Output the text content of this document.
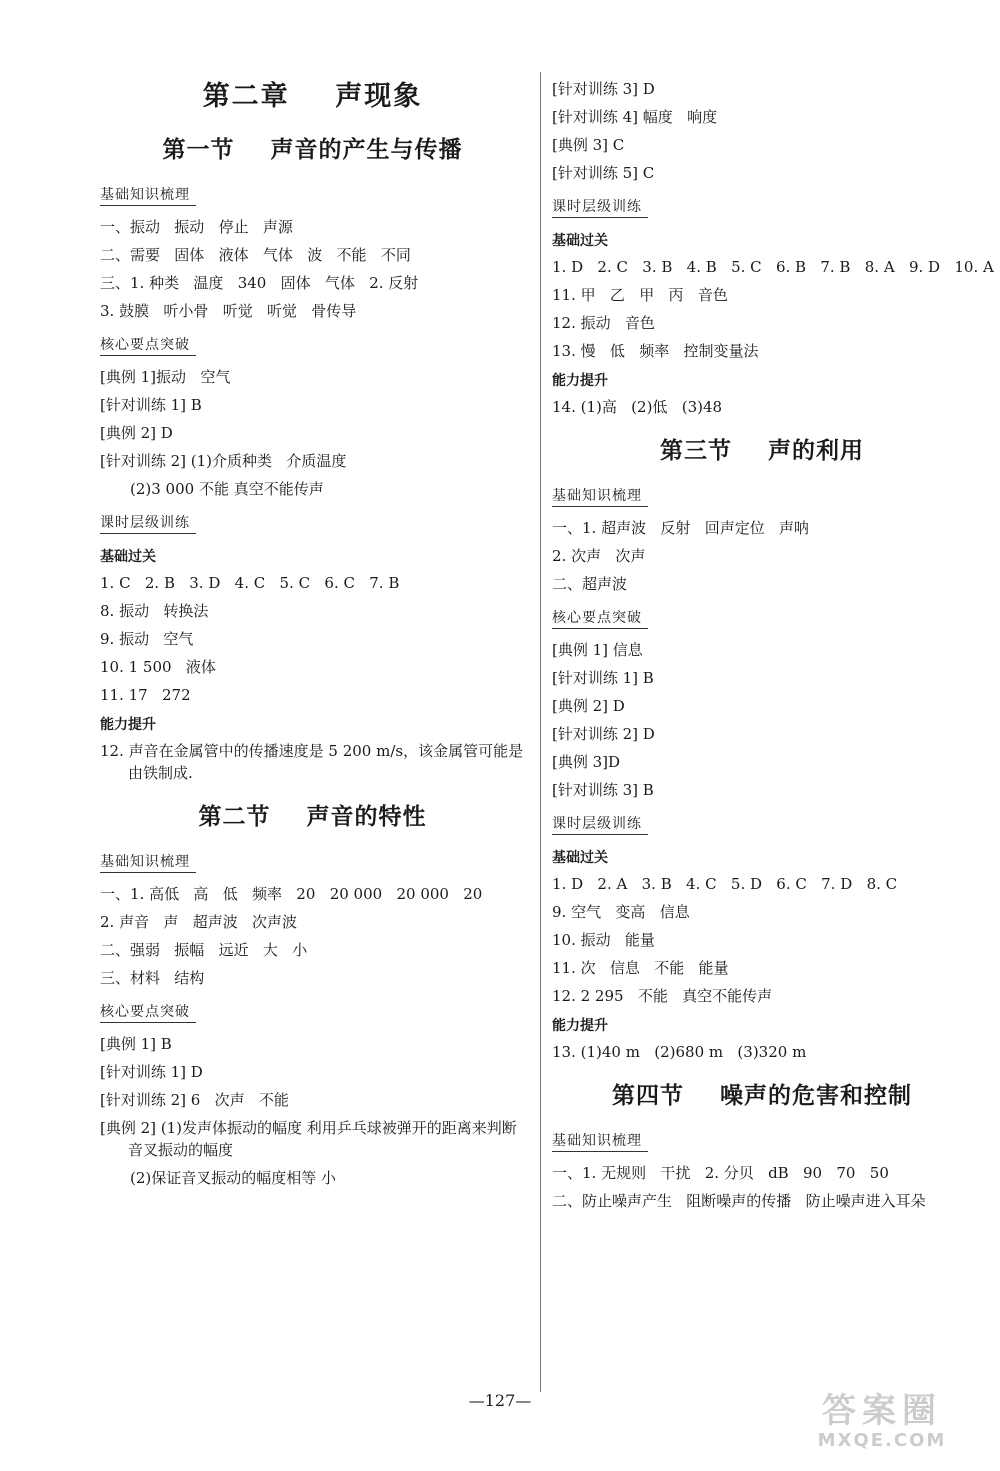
第二章    声现象
第一节    声音的产生与传播
基础知识梳理
一、振动   振动   停止   声源
二、需要   固体   液体   气体   波   不能   不同
三、1. 种类   温度   340   固体   气体   2. 反射
3. 鼓膜   听小骨   听觉   听觉   骨传导
核心要点突破
[典例 1]振动   空气
[针对训练 1] B
[典例 2] D
[针对训练 2] (1)介质种类   介质温度
(2)3 000 不能 真空不能传声
课时层级训练
基础过关
1. C   2. B   3. D   4. C   5. C   6. C   7. B
8. 振动   转换法
9. 振动   空气
10. 1 500   液体
11. 17   272
能力提升
12. 声音在金属管中的传播速度是 5 200 m/s，该金属管可能是由铁制成.
第二节    声音的特性
基础知识梳理
一、1. 高低   高   低   频率   20   20 000   20 000   20
2. 声音   声   超声波   次声波
二、强弱   振幅   远近   大   小
三、材料   结构
核心要点突破
[典例 1] B
[针对训练 1] D
[针对训练 2] 6   次声   不能
[典例 2] (1)发声体振动的幅度 利用乒乓球被弹开的距离来判断音叉振动的幅度
(2)保证音叉振动的幅度相等 小
[针对训练 3] D
[针对训练 4] 幅度   响度
[典例 3] C
[针对训练 5] C
课时层级训练
基础过关
1. D   2. C   3. B   4. B   5. C   6. B   7. B   8. A   9. D   10. A
11. 甲   乙   甲   丙   音色
12. 振动   音色
13. 慢   低   频率   控制变量法
能力提升
14. (1)高   (2)低   (3)48
第三节    声的利用
基础知识梳理
一、1. 超声波   反射   回声定位   声呐
2. 次声   次声
二、超声波
核心要点突破
[典例 1] 信息
[针对训练 1] B
[典例 2] D
[针对训练 2] D
[典例 3]D
[针对训练 3] B
课时层级训练
基础过关
1. D   2. A   3. B   4. C   5. D   6. C   7. D   8. C
9. 空气   变高   信息
10. 振动   能量
11. 次   信息   不能   能量
12. 2 295   不能   真空不能传声
能力提升
13. (1)40 m   (2)680 m   (3)320 m
第四节    噪声的危害和控制
基础知识梳理
一、1. 无规则   干扰   2. 分贝   dB   90   70   50
二、防止噪声产生   阻断噪声的传播   防止噪声进入耳朵
—127—	答案圈
MXQE.COM
